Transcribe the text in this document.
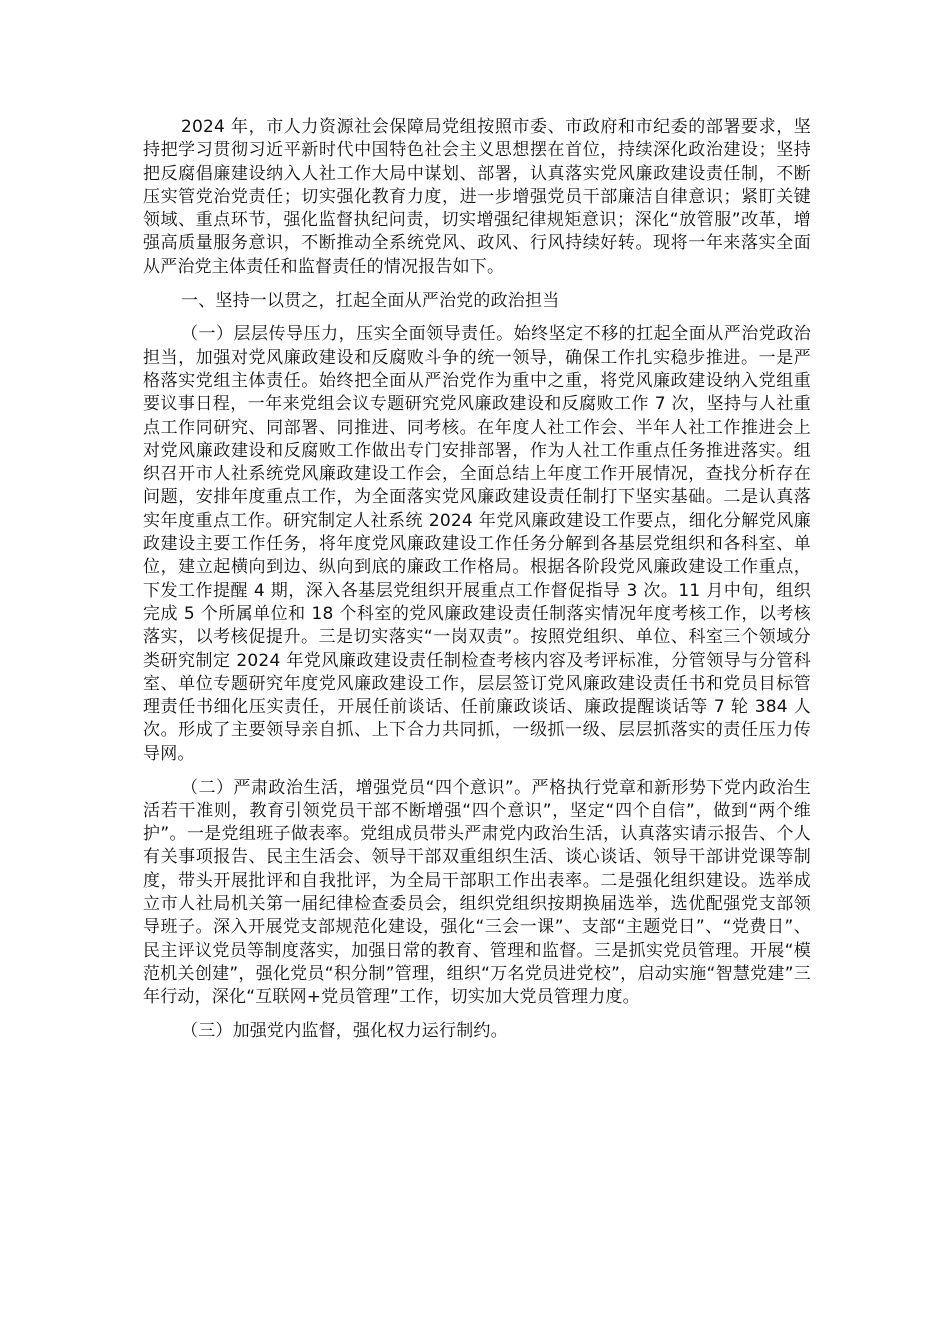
2024 年，市人力资源社会保障局党组按照市委、市政府和市纪委的部署要求，坚持把学习贯彻习近平新时代中国特色社会主义思想摆在首位，持续深化政治建设；坚持把反腐倡廉建设纳入人社工作大局中谋划、部署，认真落实党风廉政建设责任制，不断压实管党治党责任；切实强化教育力度，进一步增强党员干部廉洁自律意识；紧盯关键领域、重点环节，强化监督执纪问责，切实增强纪律规矩意识；深化“放管服”改革，增强高质量服务意识，不断推动全系统党风、政风、行风持续好转。现将一年来落实全面从严治党主体责任和监督责任的情况报告如下。

一、坚持一以贯之，扛起全面从严治党的政治担当

（一）层层传导压力，压实全面领导责任。始终坚定不移的扛起全面从严治党政治担当，加强对党风廉政建设和反腐败斗争的统一领导，确保工作扎实稳步推进。一是严格落实党组主体责任。始终把全面从严治党作为重中之重，将党风廉政建设纳入党组重要议事日程，一年来党组会议专题研究党风廉政建设和反腐败工作 7 次，坚持与人社重点工作同研究、同部署、同推进、同考核。在年度人社工作会、半年人社工作推进会上对党风廉政建设和反腐败工作做出专门安排部署，作为人社工作重点任务推进落实。组织召开市人社系统党风廉政建设工作会，全面总结上年度工作开展情况，查找分析存在问题，安排年度重点工作，为全面落实党风廉政建设责任制打下坚实基础。二是认真落实年度重点工作。研究制定人社系统 2024 年党风廉政建设工作要点，细化分解党风廉政建设主要工作任务，将年度党风廉政建设工作任务分解到各基层党组织和各科室、单位，建立起横向到边、纵向到底的廉政工作格局。根据各阶段党风廉政建设工作重点，下发工作提醒 4 期，深入各基层党组织开展重点工作督促指导 3 次。11 月中旬，组织完成 5 个所属单位和 18 个科室的党风廉政建设责任制落实情况年度考核工作，以考核落实，以考核促提升。三是切实落实“一岗双责”。按照党组织、单位、科室三个领域分类研究制定 2024 年党风廉政建设责任制检查考核内容及考评标准，分管领导与分管科室、单位专题研究年度党风廉政建设工作，层层签订党风廉政建设责任书和党员目标管理责任书细化压实责任，开展任前谈话、任前廉政谈话、廉政提醒谈话等 7 轮 384 人次。形成了主要领导亲自抓、上下合力共同抓，一级抓一级、层层抓落实的责任压力传导网。

（二）严肃政治生活，增强党员“四个意识”。严格执行党章和新形势下党内政治生活若干准则，教育引领党员干部不断增强“四个意识”，坚定“四个自信”，做到“两个维护”。一是党组班子做表率。党组成员带头严肃党内政治生活，认真落实请示报告、个人有关事项报告、民主生活会、领导干部双重组织生活、谈心谈话、领导干部讲党课等制度，带头开展批评和自我批评，为全局干部职工作出表率。二是强化组织建设。选举成立市人社局机关第一届纪律检查委员会，组织党组织按期换届选举，选优配强党支部领导班子。深入开展党支部规范化建设，强化“三会一课”、支部“主题党日”、“党费日”、民主评议党员等制度落实，加强日常的教育、管理和监督。三是抓实党员管理。开展“模范机关创建”，强化党员“积分制”管理，组织“万名党员进党校”，启动实施“智慧党建”三年行动，深化“互联网+党员管理”工作，切实加大党员管理力度。

（三）加强党内监督，强化权力运行制约。
